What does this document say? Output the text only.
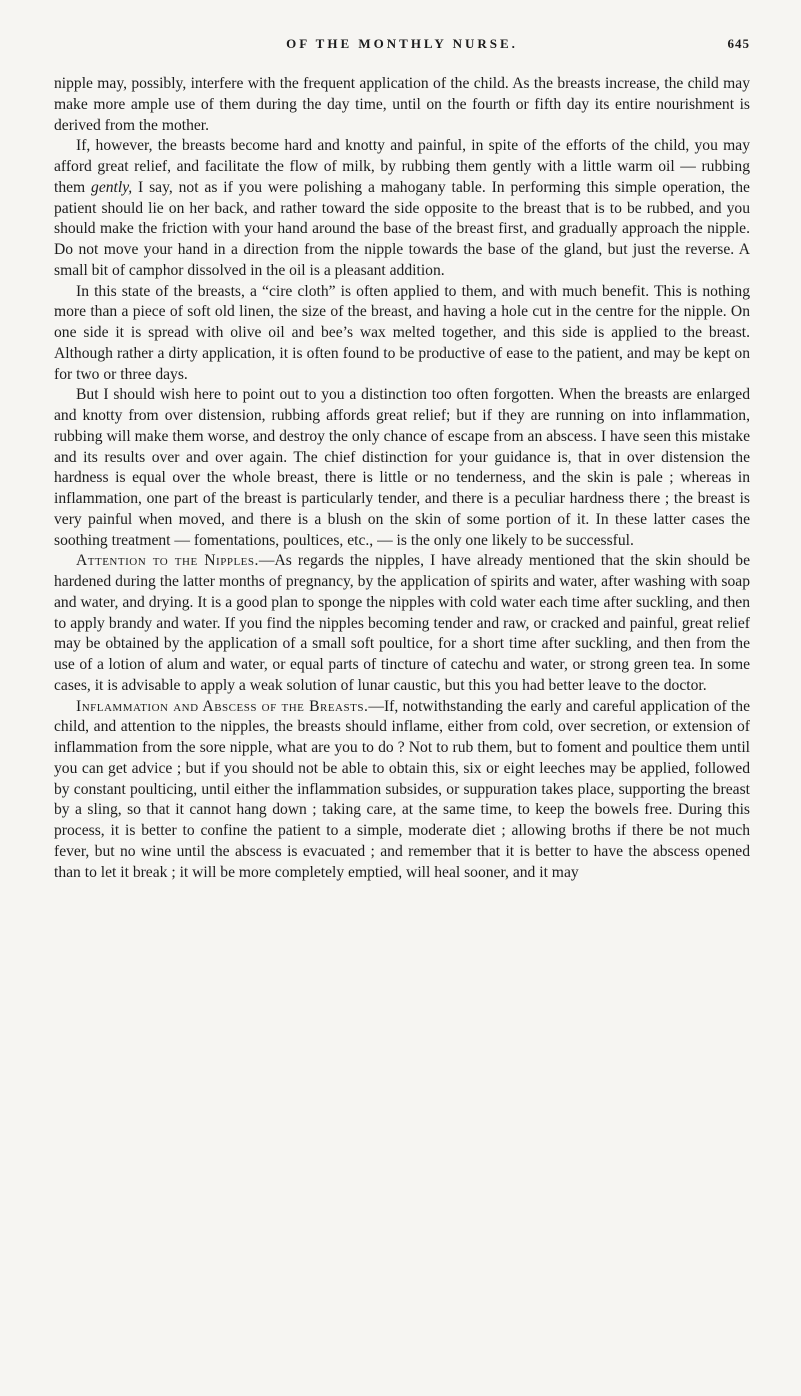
OF THE MONTHLY NURSE.	645

nipple may, possibly, interfere with the frequent application of the child. As the breasts increase, the child may make more ample use of them during the day time, until on the fourth or fifth day its entire nourishment is derived from the mother.

If, however, the breasts become hard and knotty and painful, in spite of the efforts of the child, you may afford great relief, and facilitate the flow of milk, by rubbing them gently with a little warm oil — rubbing them gently, I say, not as if you were polishing a mahogany table. In performing this simple operation, the patient should lie on her back, and rather toward the side opposite to the breast that is to be rubbed, and you should make the friction with your hand around the base of the breast first, and gradually approach the nipple. Do not move your hand in a direction from the nipple towards the base of the gland, but just the reverse. A small bit of camphor dissolved in the oil is a pleasant addition.

In this state of the breasts, a “cire cloth” is often applied to them, and with much benefit. This is nothing more than a piece of soft old linen, the size of the breast, and having a hole cut in the centre for the nipple. On one side it is spread with olive oil and bee’s wax melted together, and this side is applied to the breast. Although rather a dirty application, it is often found to be productive of ease to the patient, and may be kept on for two or three days.

But I should wish here to point out to you a distinction too often forgotten. When the breasts are enlarged and knotty from over distension, rubbing affords great relief; but if they are running on into inflammation, rubbing will make them worse, and destroy the only chance of escape from an abscess. I have seen this mistake and its results over and over again. The chief distinction for your guidance is, that in over distension the hardness is equal over the whole breast, there is little or no tenderness, and the skin is pale ; whereas in inflammation, one part of the breast is particularly tender, and there is a peculiar hardness there ; the breast is very painful when moved, and there is a blush on the skin of some portion of it. In these latter cases the soothing treatment — fomentations, poultices, etc., — is the only one likely to be successful.

Attention to the Nipples.—As regards the nipples, I have already mentioned that the skin should be hardened during the latter months of pregnancy, by the application of spirits and water, after washing with soap and water, and drying. It is a good plan to sponge the nipples with cold water each time after suckling, and then to apply brandy and water. If you find the nipples becoming tender and raw, or cracked and painful, great relief may be obtained by the application of a small soft poultice, for a short time after suckling, and then from the use of a lotion of alum and water, or equal parts of tincture of catechu and water, or strong green tea. In some cases, it is advisable to apply a weak solution of lunar caustic, but this you had better leave to the doctor.

Inflammation and Abscess of the Breasts.—If, notwithstanding the early and careful application of the child, and attention to the nipples, the breasts should inflame, either from cold, over secretion, or extension of inflammation from the sore nipple, what are you to do ? Not to rub them, but to foment and poultice them until you can get advice ; but if you should not be able to obtain this, six or eight leeches may be applied, followed by constant poulticing, until either the inflammation subsides, or suppuration takes place, supporting the breast by a sling, so that it cannot hang down ; taking care, at the same time, to keep the bowels free. During this process, it is better to confine the patient to a simple, moderate diet ; allowing broths if there be not much fever, but no wine until the abscess is evacuated ; and remember that it is better to have the abscess opened than to let it break ; it will be more completely emptied, will heal sooner, and it may
